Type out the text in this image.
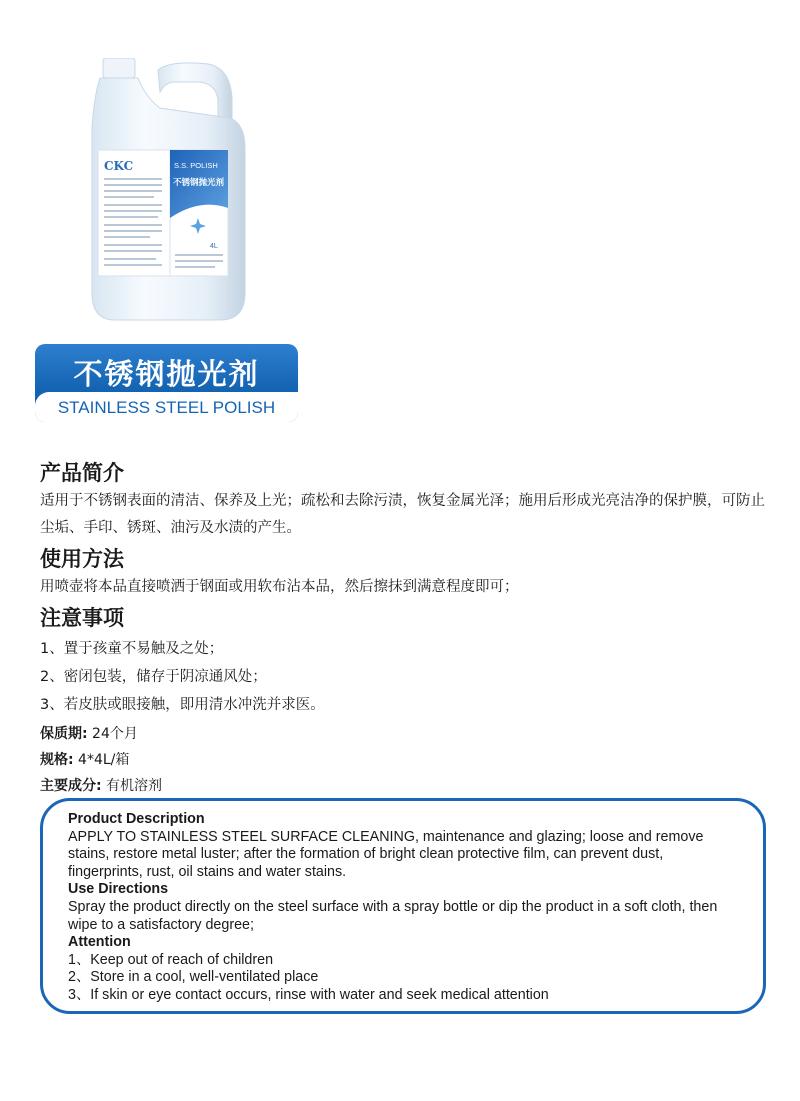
CKC	S.S. POLISH
不锈钢抛光剂
4L
不锈钢抛光剂
STAINLESS STEEL POLISH

产品简介

适用于不锈钢表面的清洁、保养及上光；疏松和去除污渍，恢复金属光泽；施用后形成光亮洁净的保护膜，可防止尘垢、手印、锈斑、油污及水渍的产生。

使用方法

用喷壶将本品直接喷洒于钢面或用软布沾本品，然后擦抹到满意程度即可；

注意事项

1、置于孩童不易触及之处；

2、密闭包装，储存于阴凉通风处；

3、若皮肤或眼接触，即用清水冲洗并求医。

保质期: 24个月

规格: 4*4L/箱

主要成分: 有机溶剂

Product Description

APPLY TO STAINLESS STEEL SURFACE CLEANING, maintenance and glazing; loose and remove stains, restore metal luster; after the formation of bright clean protective film, can prevent dust, fingerprints, rust, oil stains and water stains.

Use Directions

Spray the product directly on the steel surface with a spray bottle or dip the product in a soft cloth, then wipe to a satisfactory degree;

Attention

1、Keep out of reach of children

2、Store in a cool, well-ventilated place

3、If skin or eye contact occurs, rinse with water and seek medical attention
